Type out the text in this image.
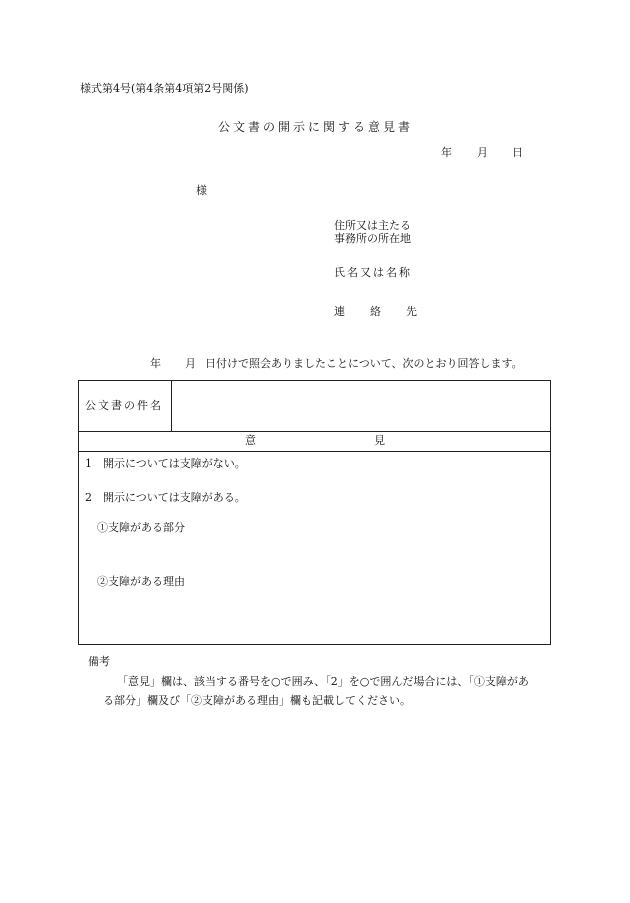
様式第4号(第4条第4項第2号関係)
公文書の開示に関する意見書
年 月 日
様
住所又は主たる
事務所の所在地
氏名又は名称
連　　絡　　先
年 月 日付けで照会ありましたことについて、次のとおり回答します。
公文書の件名
意	見
1　開示については支障がない。
2　開示については支障がある。
①支障がある部分
②支障がある理由
備考
「意見」欄は、該当する番号を○で囲み、「2」を○で囲んだ場合には、「①支障があ
る部分」欄及び「②支障がある理由」欄も記載してください。
